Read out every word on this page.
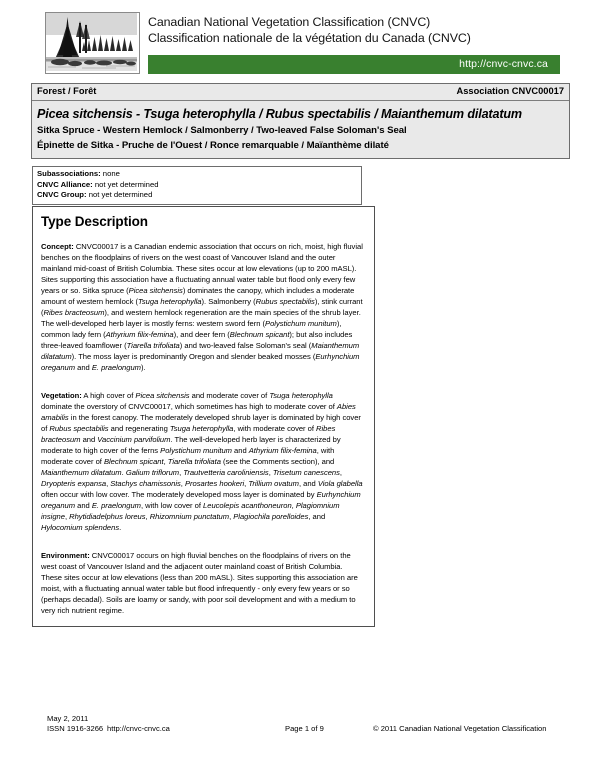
Canadian National Vegetation Classification (CNVC)
Classification nationale de la végétation du Canada (CNVC)
http://cnvc-cnvc.ca
Forest / Forêt	Association CNVC00017
Picea sitchensis - Tsuga heterophylla / Rubus spectabilis / Maianthemum dilatatum
Sitka Spruce - Western Hemlock / Salmonberry / Two-leaved False Soloman's Seal
Épinette de Sitka - Pruche de l'Ouest / Ronce remarquable / Maïanthème dilaté
Subassociations: none
CNVC Alliance: not yet determined
CNVC Group: not yet determined
Type Description

Concept: CNVC00017 is a Canadian endemic association that occurs on rich, moist, high fluvial benches on the floodplains of rivers on the west coast of Vancouver Island and the outer mainland mid-coast of British Columbia. These sites occur at low elevations (up to 200 mASL). Sites supporting this association have a fluctuating annual water table but flood only every few years or so. Sitka spruce (Picea sitchensis) dominates the canopy, which includes a moderate amount of western hemlock (Tsuga heterophylla). Salmonberry (Rubus spectabilis), stink currant (Ribes bracteosum), and western hemlock regeneration are the main species of the shrub layer. The well-developed herb layer is mostly ferns: western sword fern (Polystichum munitum), common lady fern (Athyrium filix-femina), and deer fern (Blechnum spicant); but also includes three-leaved foamflower (Tiarella trifoliata) and two-leaved false Soloman's seal (Maianthemum dilatatum). The moss layer is predominantly Oregon and slender beaked mosses (Eurhynchium oreganum and E. praelongum).

Vegetation: A high cover of Picea sitchensis and moderate cover of Tsuga heterophylla dominate the overstory of CNVC00017, which sometimes has high to moderate cover of Abies amabilis in the forest canopy. The moderately developed shrub layer is dominated by high cover of Rubus spectabilis and regenerating Tsuga heterophylla, with moderate cover of Ribes bracteosum and Vaccinium parvifolium. The well-developed herb layer is characterized by moderate to high cover of the ferns Polystichum munitum and Athyrium filix-femina, with moderate cover of Blechnum spicant, Tiarella trifoliata (see the Comments section), and Maianthemum dilatatum. Galium triflorum, Trautvetteria caroliniensis, Trisetum canescens, Dryopteris expansa, Stachys chamissonis, Prosartes hookeri, Trillium ovatum, and Viola glabella often occur with low cover. The moderately developed moss layer is dominated by Eurhynchium oreganum and E. praelongum, with low cover of Leucolepis acanthoneuron, Plagiomnium insigne, Rhytidiadelphus loreus, Rhizomnium punctatum, Plagiochila porelloides, and Hylocomium splendens.

Environment: CNVC00017 occurs on high fluvial benches on the floodplains of rivers on the west coast of Vancouver Island and the adjacent outer mainland coast of British Columbia. These sites occur at low elevations (less than 200 mASL). Sites supporting this association are moist, with a fluctuating annual water table but flood infrequently - only every few years or so (perhaps decadal). Soils are loamy or sandy, with poor soil development and with a medium to very rich nutrient regime.

May 2, 2011
ISSN 1916-3266 http://cnvc-cnvc.ca	Page 1 of 9	© 2011 Canadian National Vegetation Classification
